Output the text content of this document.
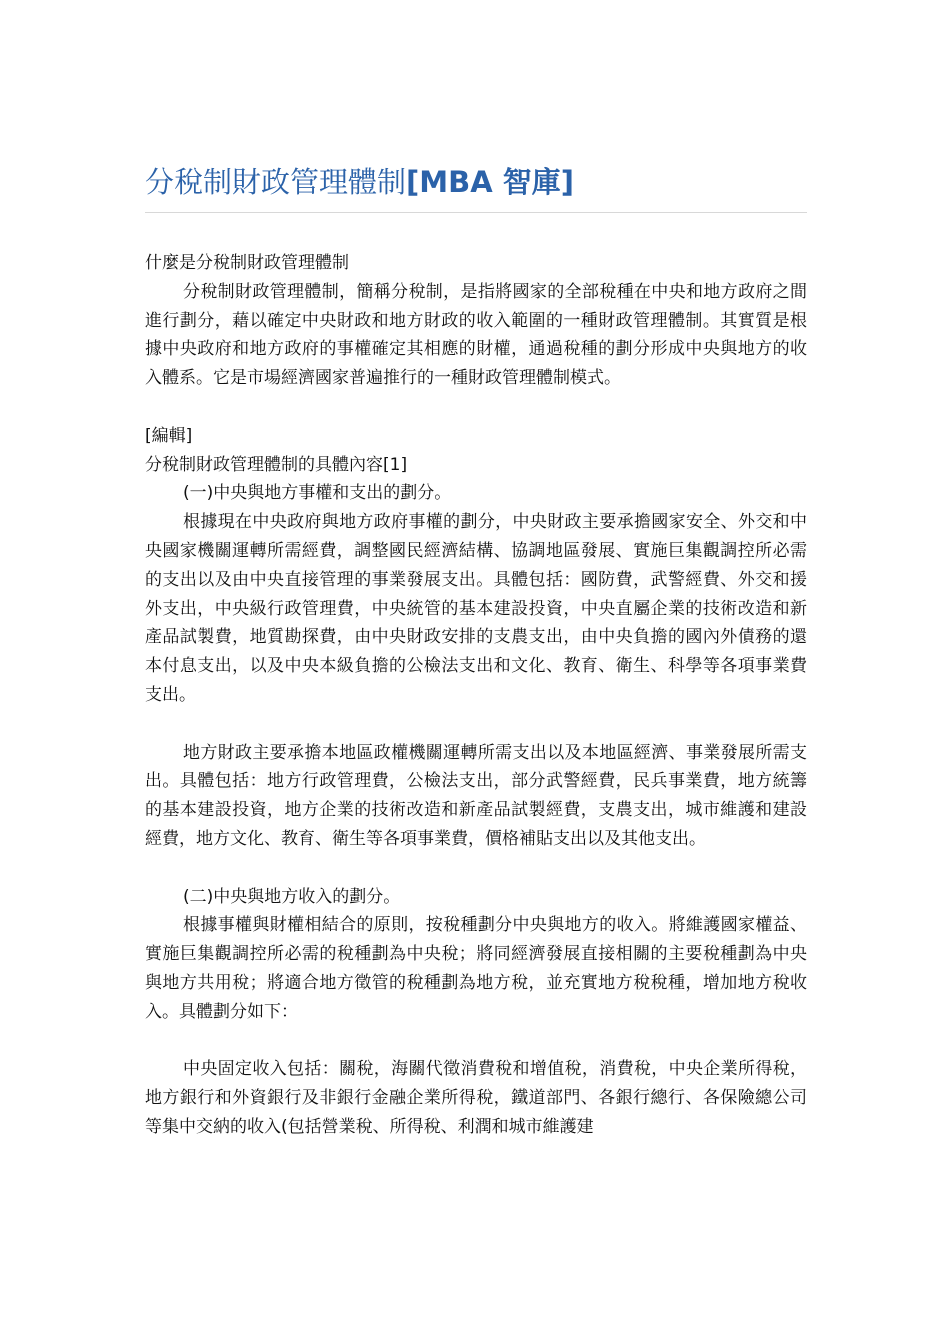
分稅制財政管理體制[MBA 智庫]

什麼是分稅制財政管理體制

分稅制財政管理體制，簡稱分稅制，是指將國家的全部稅種在中央和地方政府之間進行劃分，藉以確定中央財政和地方財政的收入範圍的一種財政管理體制。其實質是根據中央政府和地方政府的事權確定其相應的財權，通過稅種的劃分形成中央與地方的收入體系。它是市場經濟國家普遍推行的一種財政管理體制模式。

[編輯]

分稅制財政管理體制的具體內容[1]

(一)中央與地方事權和支出的劃分。

根據現在中央政府與地方政府事權的劃分，中央財政主要承擔國家安全、外交和中央國家機關運轉所需經費，調整國民經濟結構、協調地區發展、實施巨集觀調控所必需的支出以及由中央直接管理的事業發展支出。具體包括：國防費，武警經費、外交和援外支出，中央級行政管理費，中央統管的基本建設投資，中央直屬企業的技術改造和新產品試製費，地質勘探費，由中央財政安排的支農支出，由中央負擔的國內外債務的還本付息支出，以及中央本級負擔的公檢法支出和文化、教育、衛生、科學等各項事業費支出。

地方財政主要承擔本地區政權機關運轉所需支出以及本地區經濟、事業發展所需支出。具體包括：地方行政管理費，公檢法支出，部分武警經費，民兵事業費，地方統籌的基本建設投資，地方企業的技術改造和新產品試製經費，支農支出，城市維護和建設經費，地方文化、教育、衛生等各項事業費，價格補貼支出以及其他支出。

(二)中央與地方收入的劃分。

根據事權與財權相結合的原則，按稅種劃分中央與地方的收入。將維護國家權益、實施巨集觀調控所必需的稅種劃為中央稅；將同經濟發展直接相關的主要稅種劃為中央與地方共用稅；將適合地方徵管的稅種劃為地方稅，並充實地方稅稅種，增加地方稅收入。具體劃分如下：

中央固定收入包括：關稅，海關代徵消費稅和增值稅，消費稅，中央企業所得稅，地方銀行和外資銀行及非銀行金融企業所得稅，鐵道部門、各銀行總行、各保險總公司等集中交納的收入(包括營業稅、所得稅、利潤和城市維護建
